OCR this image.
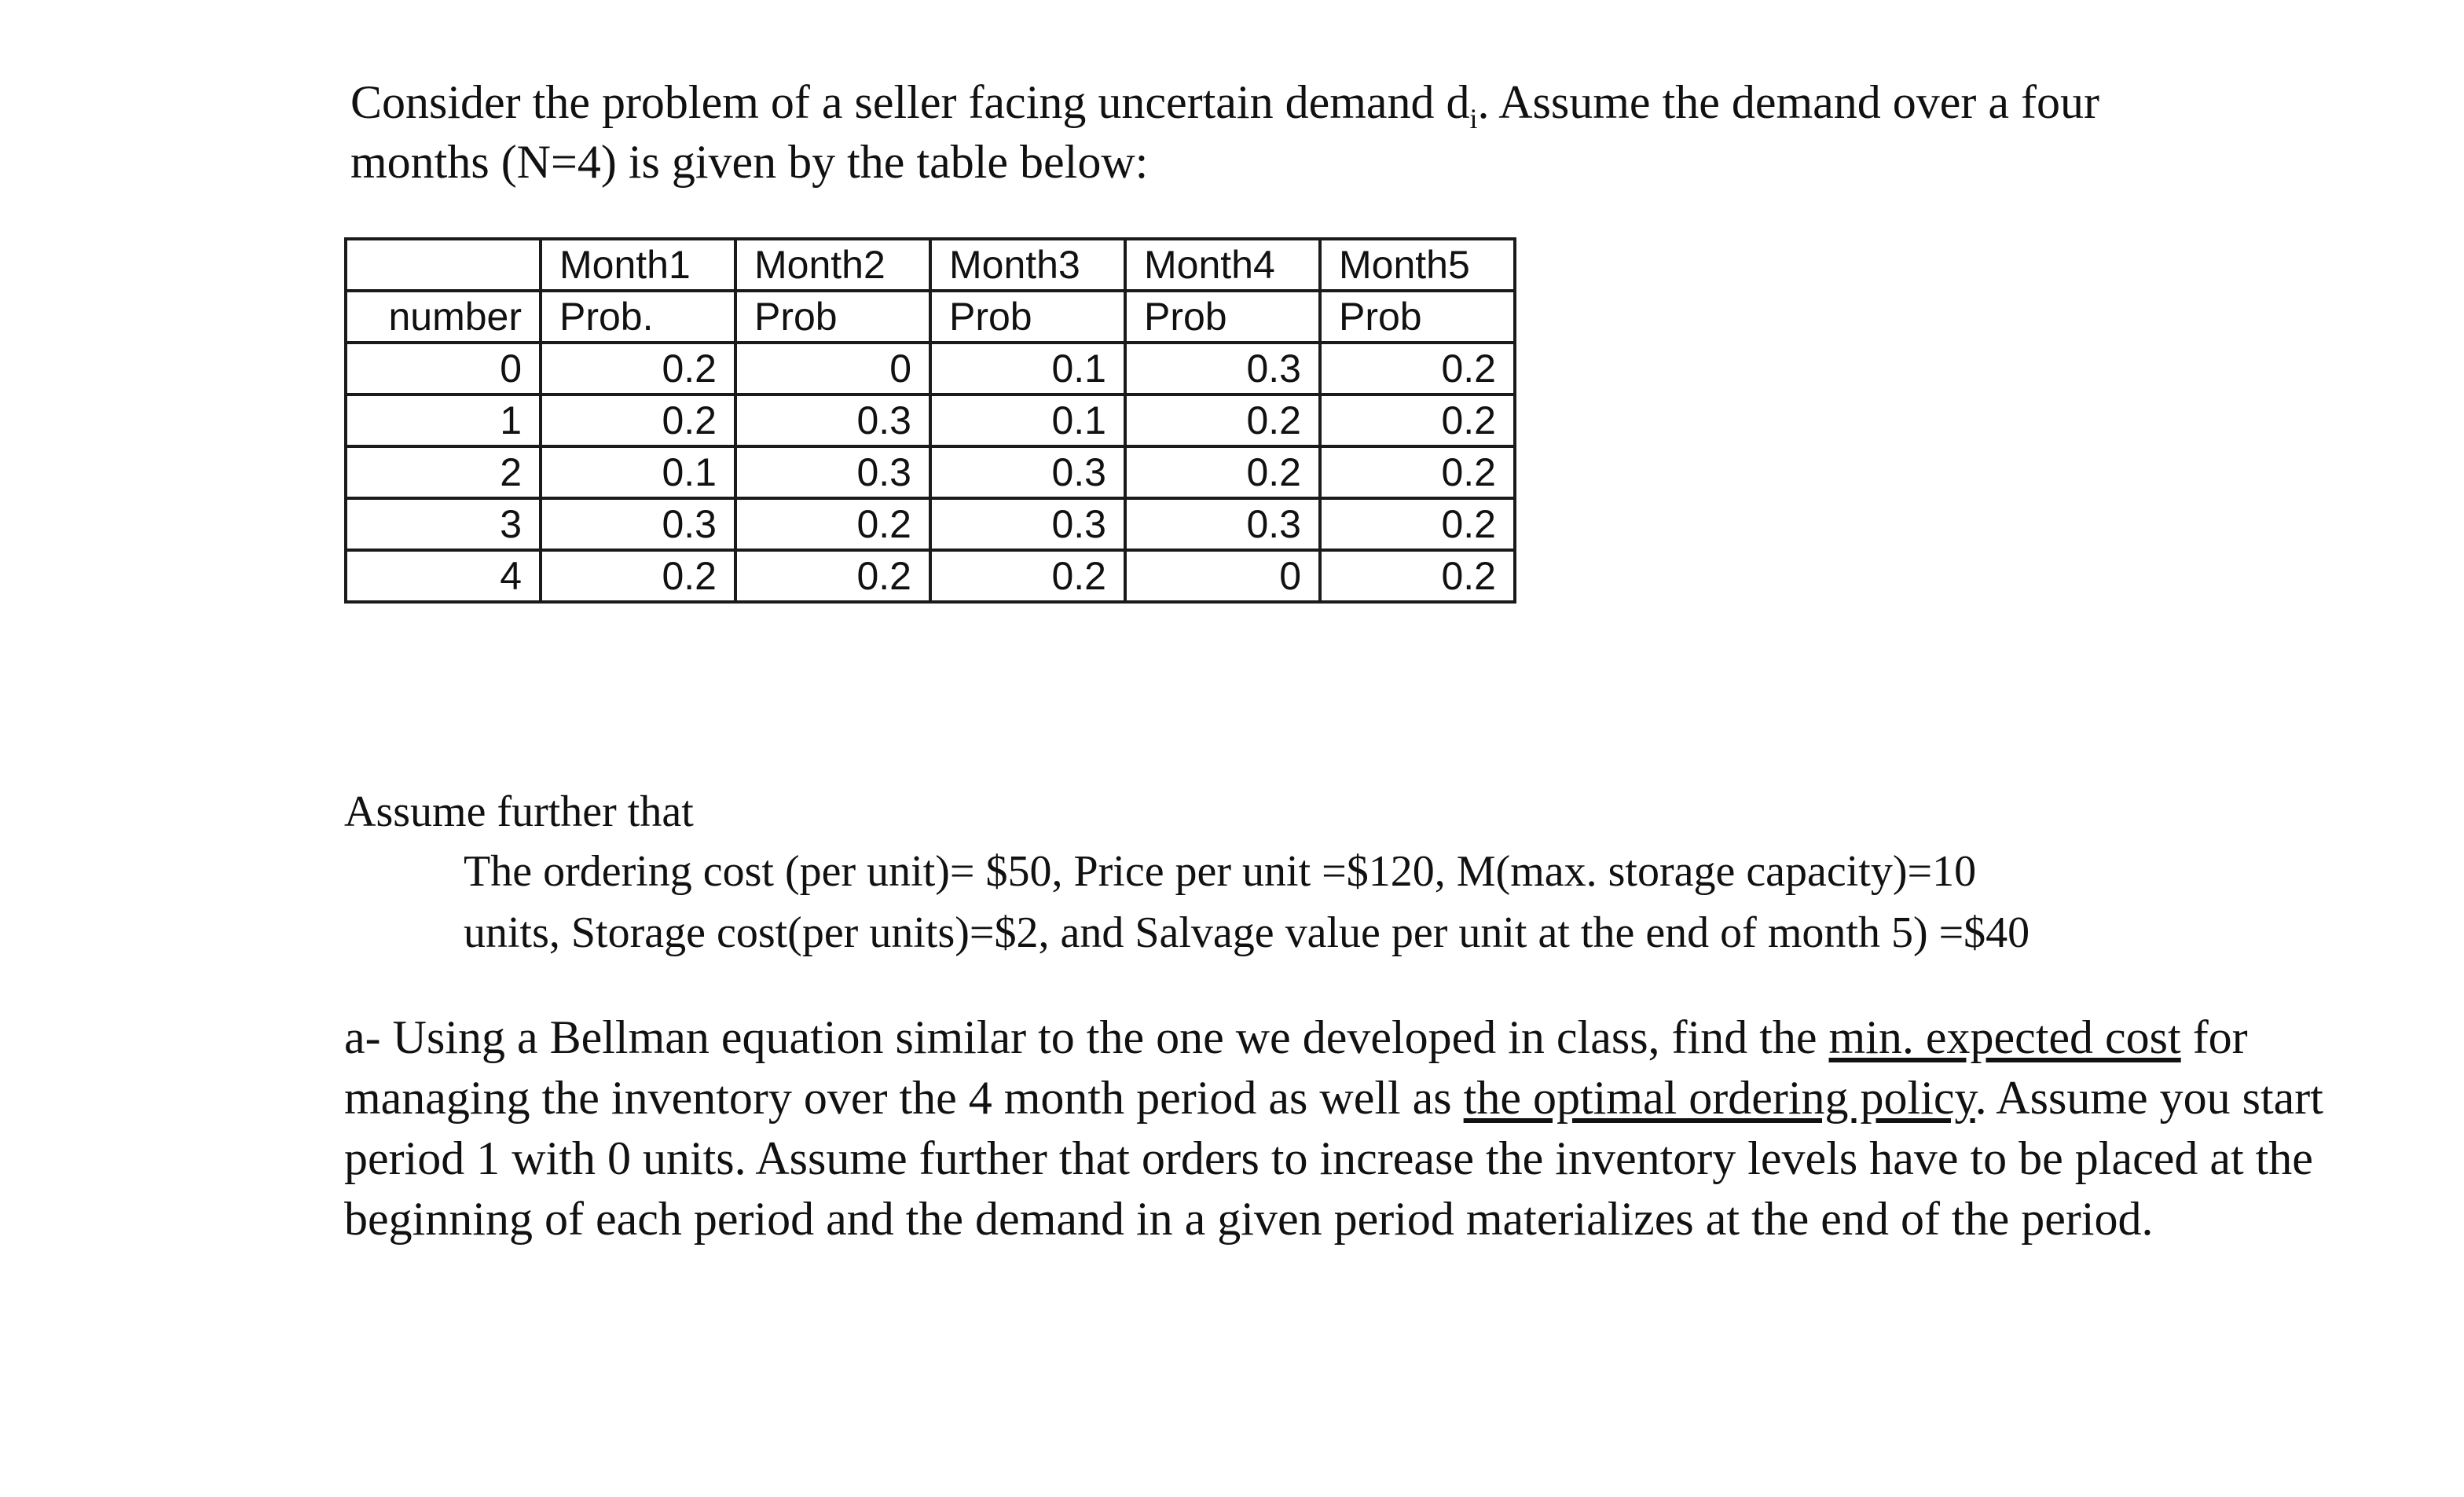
Consider the problem of a seller facing uncertain demand $d_i$. Assume the demand over a four months (N=4) is given by the table below:

	Month1	Month2	Month3	Month4	Month5
number	Prob.	Prob	Prob	Prob	Prob
0	0.2	0	0.1	0.3	0.2
1	0.2	0.3	0.1	0.2	0.2
2	0.1	0.3	0.3	0.2	0.2
3	0.3	0.2	0.3	0.3	0.2
4	0.2	0.2	0.2	0	0.2

Assume further that

The ordering cost (per unit)= $50, Price per unit =$120, M(max. storage capacity)=10 units, Storage cost(per units)=$2, and Salvage value per unit at the end of month 5) =$40

a- Using a Bellman equation similar to the one we developed in class, find the min. expected cost for managing the inventory over the 4 month period as well as the optimal ordering policy. Assume you start period 1 with 0 units. Assume further that orders to increase the inventory levels have to be placed at the beginning of each period and the demand in a given period materializes at the end of the period.
